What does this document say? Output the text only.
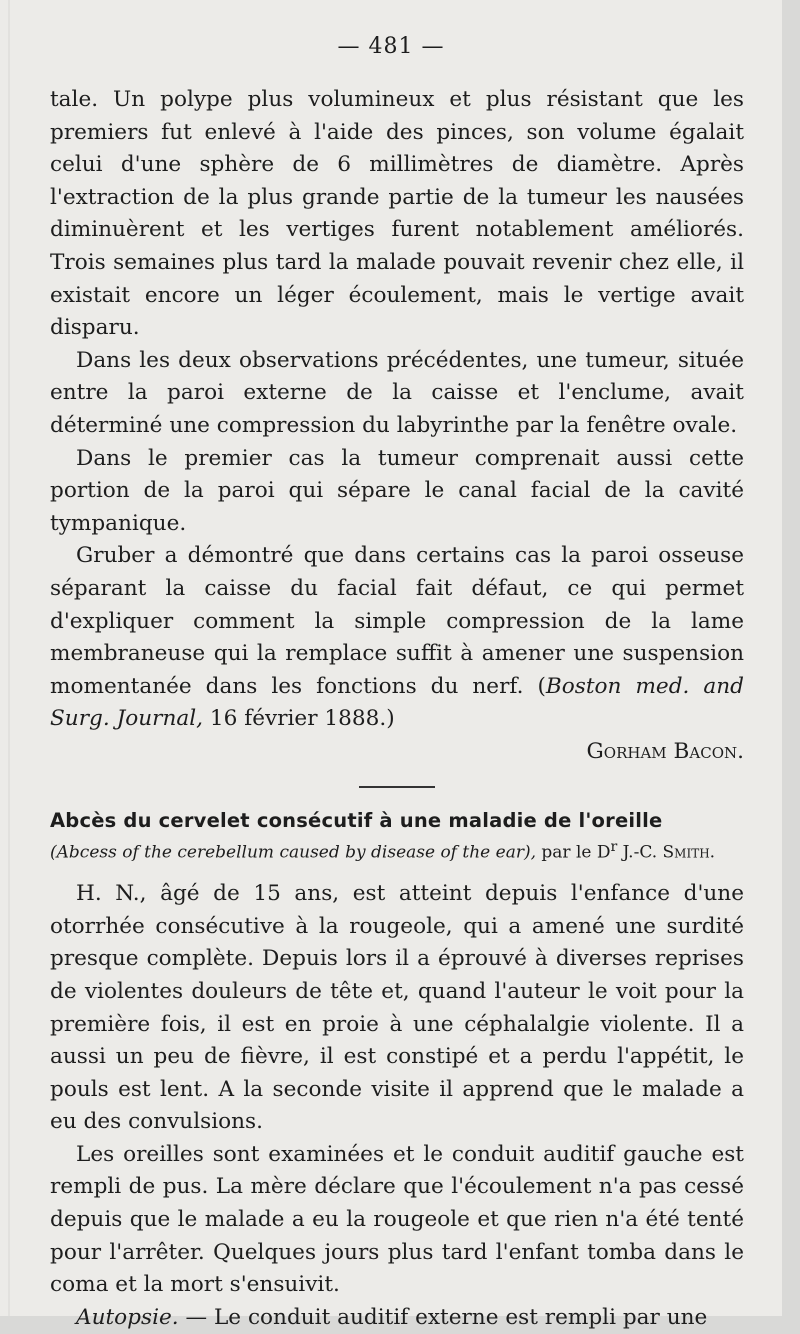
— 481 —

tale. Un polype plus volumineux et plus résistant que les premiers fut enlevé à l'aide des pinces, son volume égalait celui d'une sphère de 6 millimètres de diamètre. Après l'extraction de la plus grande partie de la tumeur les nausées diminuèrent et les vertiges furent notablement améliorés. Trois semaines plus tard la malade pouvait revenir chez elle, il existait encore un léger écoulement, mais le vertige avait disparu.

Dans les deux observations précédentes, une tumeur, située entre la paroi externe de la caisse et l'enclume, avait déterminé une compression du labyrinthe par la fenêtre ovale.

Dans le premier cas la tumeur comprenait aussi cette portion de la paroi qui sépare le canal facial de la cavité tympanique.

Gruber a démontré que dans certains cas la paroi osseuse séparant la caisse du facial fait défaut, ce qui permet d'expliquer comment la simple compression de la lame membraneuse qui la remplace suffit à amener une suspension momentanée dans les fonctions du nerf. (Boston med. and Surg. Journal, 16 février 1888.)
Gorham Bacon.

Abcès du cervelet consécutif à une maladie de l'oreille

(Abcess of the cerebellum caused by disease of the ear), par le $D^r$ J.-C. Smith.

H. N., âgé de 15 ans, est atteint depuis l'enfance d'une otorrhée consécutive à la rougeole, qui a amené une surdité presque complète. Depuis lors il a éprouvé à diverses reprises de violentes douleurs de tête et, quand l'auteur le voit pour la première fois, il est en proie à une céphalalgie violente. Il a aussi un peu de fièvre, il est constipé et a perdu l'appétit, le pouls est lent. A la seconde visite il apprend que le malade a eu des convulsions.

Les oreilles sont examinées et le conduit auditif gauche est rempli de pus. La mère déclare que l'écoulement n'a pas cessé depuis que le malade a eu la rougeole et que rien n'a été tenté pour l'arrêter. Quelques jours plus tard l'enfant tomba dans le coma et la mort s'ensuivit.

Autopsie. — Le conduit auditif externe est rempli par une
